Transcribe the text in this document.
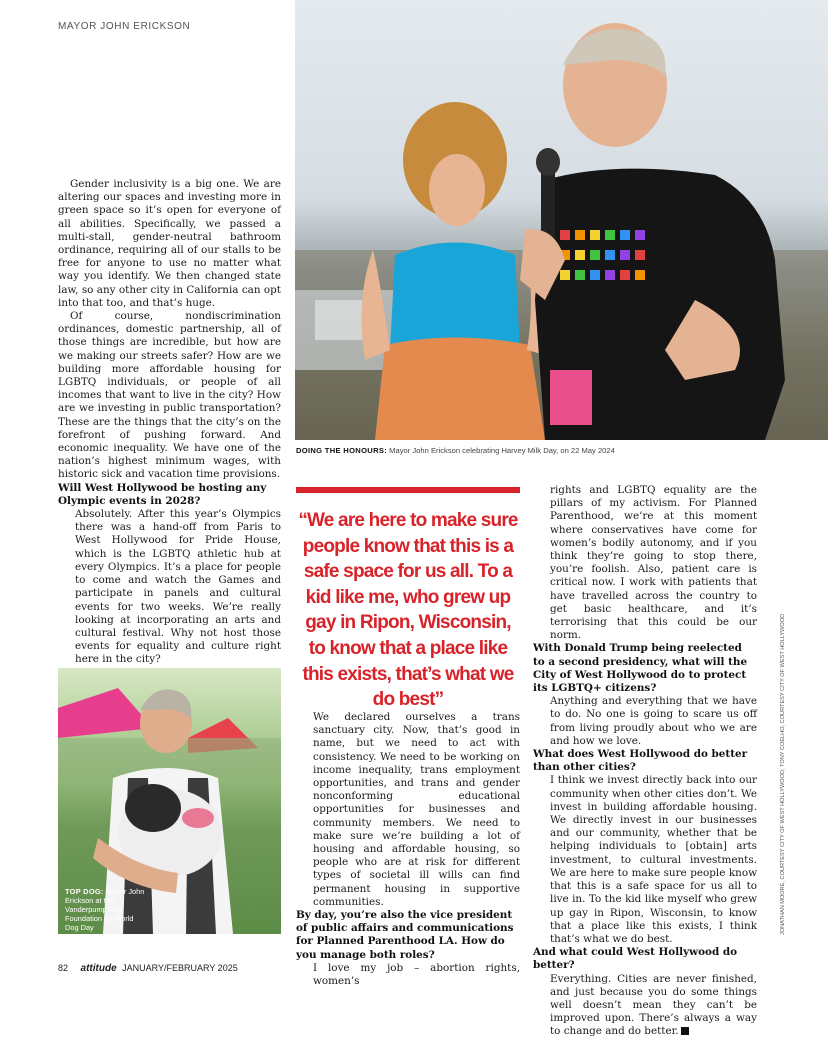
MAYOR JOHN ERICKSON

Gender inclusivity is a big one. We are altering our spaces and investing more in green space so it’s open for everyone of all abilities. Specifically, we passed a multi-stall, gender-neutral bathroom ordinance, requiring all of our stalls to be free for anyone to use no matter what way you identify. We then changed state law, so any other city in California can opt into that too, and that’s huge.

Of course, nondiscrimination ordinances, domestic partnership, all of those things are incredible, but how are we making our streets safer? How are we building more affordable housing for LGBTQ individuals, or people of all incomes that want to live in the city? How are we investing in public transportation? These are the things that the city’s on the forefront of pushing forward. And economic inequality. We have one of the nation’s highest minimum wages, with historic sick and vacation time provisions.

Will West Hollywood be hosting any Olympic events in 2028?

Absolutely. After this year’s Olympics there was a hand-off from Paris to West Hollywood for Pride House, which is the LGBTQ athletic hub at every Olympics. It’s a place for people to come and watch the Games and participate in panels and cultural events for two weeks. We’re really looking at incorporating an arts and cultural festival. Why not host those events for equality and culture right here in the city?

DOING THE HONOURS: Mayor John Erickson celebrating Harvey Milk Day, on 22 May 2024
“We are here to make sure people know that this is a safe space for us all. To a kid like me, who grew up gay in Ripon, Wisconsin, to know that a place like this exists, that’s what we do best”

We declared ourselves a trans sanctuary city. Now, that’s good in name, but we need to act with consistency. We need to be working on income inequality, trans employment opportunities, and trans and gender nonconforming educational opportunities for businesses and community members. We need to make sure we’re building a lot of housing and affordable housing, so people who are at risk for different types of societal ill wills can find permanent housing in supportive communities.

By day, you’re also the vice president of public affairs and communications for Planned Parenthood LA. How do you manage both roles?

I love my job – abortion rights, women’s

rights and LGBTQ equality are the pillars of my activism. For Planned Parenthood, we’re at this moment where conservatives have come for women’s bodily autonomy, and if you think they’re going to stop there, you’re foolish. Also, patient care is critical now. I work with patients that have travelled across the country to get basic healthcare, and it’s terrorising that this could be our norm.

With Donald Trump being reelected to a second presidency, what will the City of West Hollywood do to protect its LGBTQ+ citizens?

Anything and everything that we have to do. No one is going to scare us off from living proudly about who we are and how we love.

What does West Hollywood do better than other cities?

I think we invest directly back into our community when other cities don’t. We invest in building affordable housing. We directly invest in our businesses and our community, whether that be helping individuals to [obtain] arts investment, to cultural investments. We are here to make sure people know that this is a safe space for us all to live in. To the kid like myself who grew up gay in Ripon, Wisconsin, to know that a place like this exists, I think that’s what we do best.

And what could West Hollywood do better?

Everything. Cities are never finished, and just because you do some things well doesn’t mean they can’t be improved upon. There’s always a way to change and do better.

TOP DOG: Mayor John Erickson at the Vanderpump Dog Foundation on World Dog Day	JONATHAN MOORE, COURTESY CITY OF WEST HOLLYWOOD; TONY COELHO, COURTESY CITY OF WEST HOLLYWOOD
82 attitude JANUARY/FEBRUARY 2025
